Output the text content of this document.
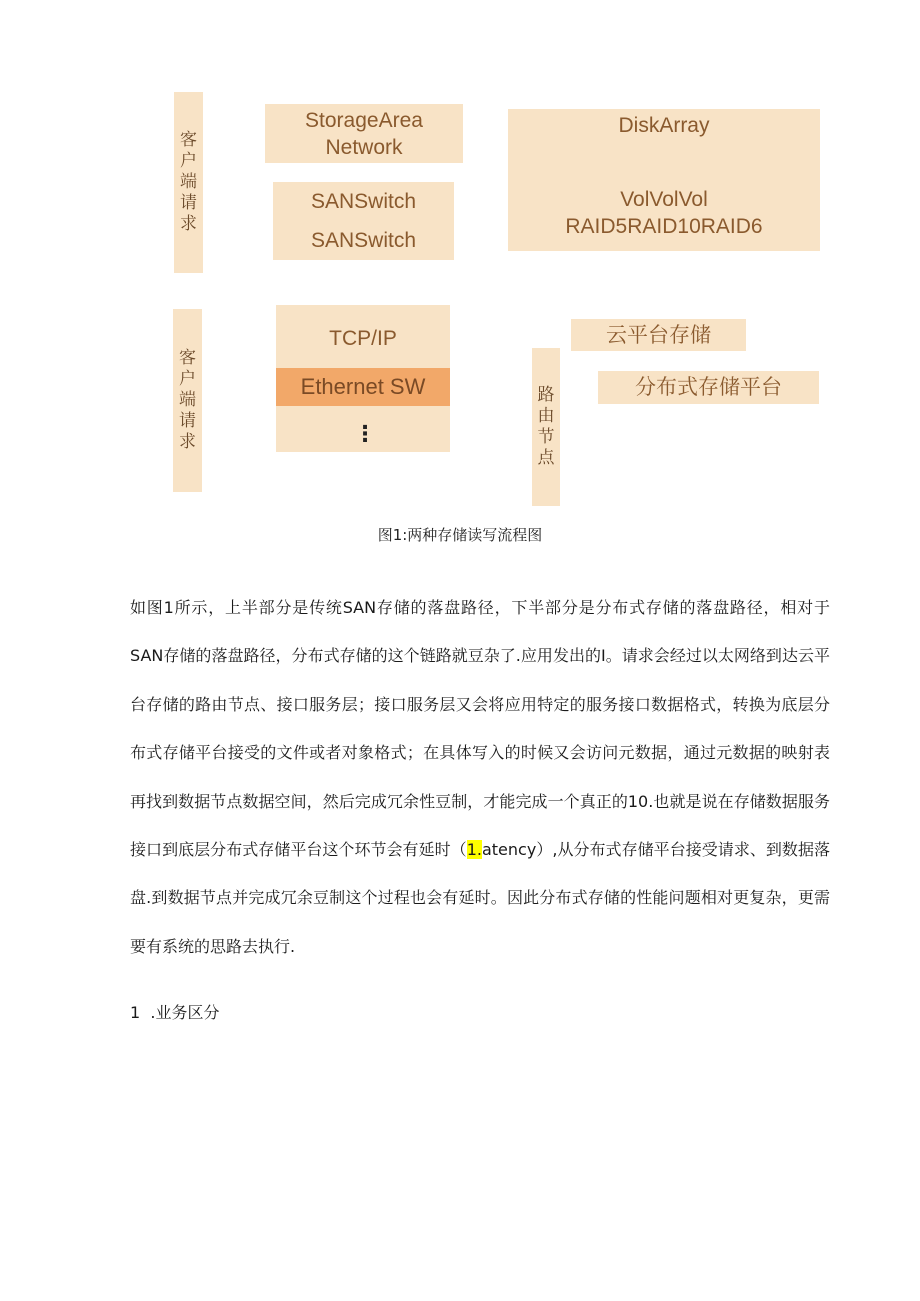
客
户
端
请
求
StorageArea
Network
SANSwitch
SANSwitch
DiskArray
VolVolVol
RAID5RAID10RAID6
客
户
端
请
求
TCP/IP
Ethernet SW
⋮
路
由
节
点
云平台存储
分布式存储平台
图1:两种存储读写流程图
如图1所示，上半部分是传统SAN存储的落盘路径，下半部分是分布式存储的落盘路径，相对于SAN存储的落盘路径，分布式存储的这个链路就豆杂了.应用发出的I。请求会经过以太网络到达云平台存储的路由节点、接口服务层；接口服务层又会将应用特定的服务接口数据格式，转换为底层分布式存储平台接受的文件或者对象格式；在具体写入的时候又会访问元数据，通过元数据的映射表再找到数据节点数据空间，然后完成冗余性豆制，才能完成一个真正的10.也就是说在存储数据服务接口到底层分布式存储平台这个环节会有延时（1.atency）,从分布式存储平台接受请求、到数据落盘.到数据节点并完成冗余豆制这个过程也会有延时。因此分布式存储的性能问题相对更复杂，更需要有系统的思路去执行.
1  .业务区分
